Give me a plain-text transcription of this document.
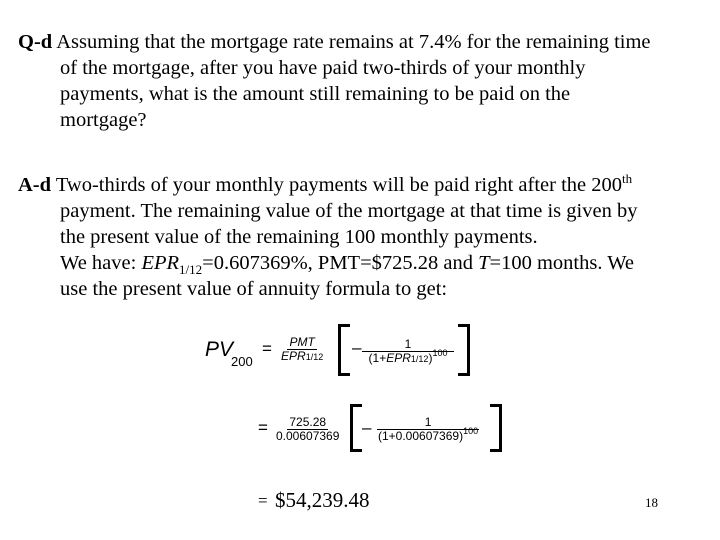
Q-d Assuming that the mortgage rate remains at 7.4% for the remaining time
of the mortgage, after you have paid two-thirds of your monthly
payments, what is the amount still remaining to be paid on the
mortgage?
A-d Two-thirds of your monthly payments will be paid right after the 200th
payment. The remaining value of the mortgage at that time is given by
the present value of the remaining 100 monthly payments.
We have: $EPR_{1/12}=0.607369\%$, PMT=$725.28 and T=100 months. We
use the present value of annuity formula to get:
PV
200
= PMT
EPR1/12 –	1
$(1+EPR1/12)^{100}$
= $\frac{725.28}{0.00607369} - \frac{1}{(1+0.00607369)^{100}}$
= $54,239.48	18
